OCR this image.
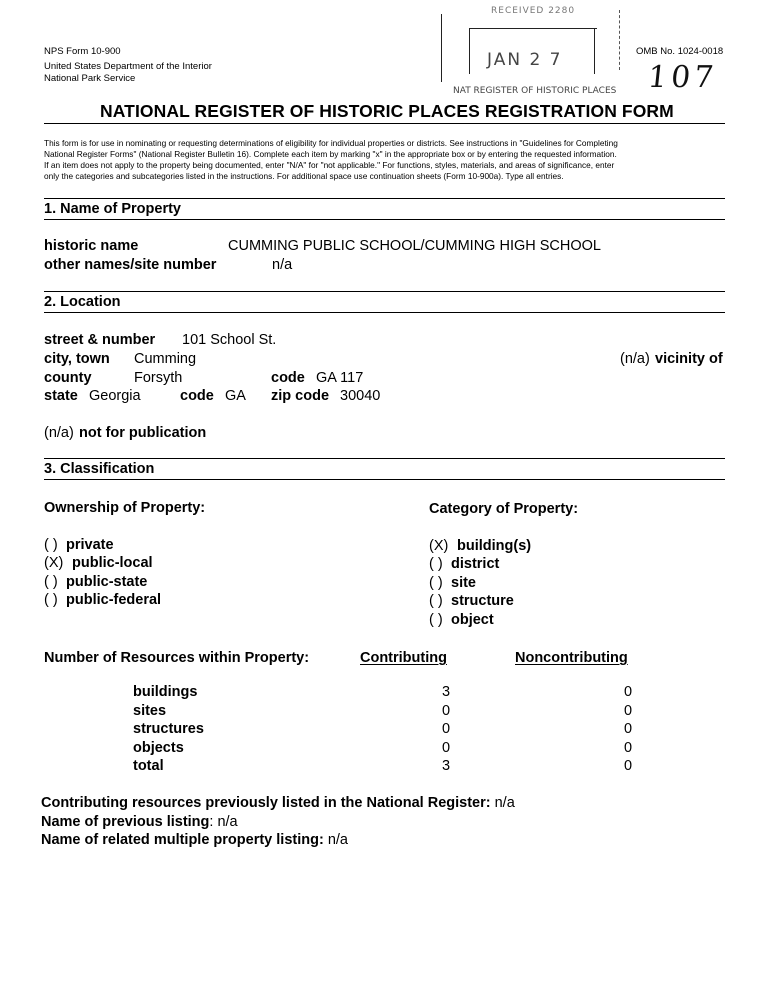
NPS Form 10-900
United States Department of the Interior
National Park Service
OMB No. 1024-0018
107
RECEIVED 2280
JAN 2 7
NAT REGISTER OF HISTORIC PLACES
NATIONAL REGISTER OF HISTORIC PLACES REGISTRATION FORM
This form is for use in nominating or requesting determinations of eligibility for individual properties or districts. See instructions in "Guidelines for Completing
National Register Forms" (National Register Bulletin 16). Complete each item by marking "x" in the appropriate box or by entering the requested information.
If an item does not apply to the property being documented, enter "N/A" for "not applicable." For functions, styles, materials, and areas of significance, enter
only the categories and subcategories listed in the instructions. For additional space use continuation sheets (Form 10-900a). Type all entries.
1. Name of Property
historic name	CUMMING PUBLIC SCHOOL/CUMMING HIGH SCHOOL
other names/site number	n/a
2. Location
street & number 101 School St.
city, town Cumming	(n/a) vicinity of
county	Forsyth	code GA 117
state Georgia	code GA zip code 30040
(n/a) not for publication
3. Classification
Ownership of Property:	Category of Property:
( ) private
(X) public-local
( ) public-state
( ) public-federal
(X) building(s)
( ) district
( ) site
( ) structure
( ) object
Number of Resources within Property:	Contributing	Noncontributing
buildings	3	0
sites	0	0
structures	0	0
objects	0	0
total	3	0
Contributing resources previously listed in the National Register: n/a
Name of previous listing: n/a
Name of related multiple property listing: n/a
